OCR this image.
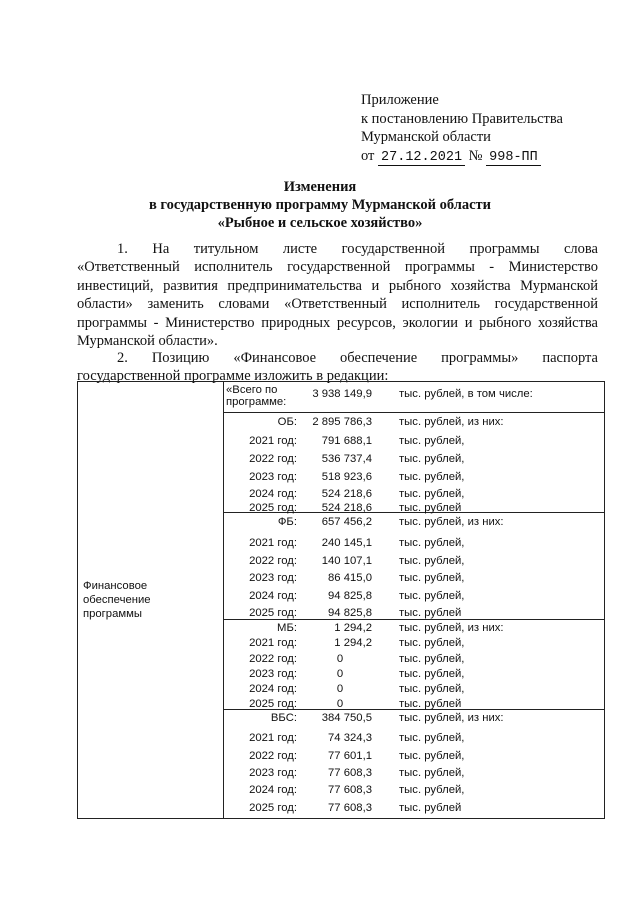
Приложение
к постановлению Правительства
Мурманской области
от 27.12.2021 № 998-ПП
Изменения
в государственную программу Мурманской области
«Рыбное и сельское хозяйство»
1. На титульном листе государственной программы слова
«Ответственный исполнитель государственной программы - Министерство инвестиций, развития предпринимательства и рыбного хозяйства Мурманской области» заменить словами «Ответственный исполнитель государственной программы - Министерство природных ресурсов, экологии и рыбного хозяйства Мурманской области».
2. Позицию «Финансовое обеспечение программы» паспорта
государственной программе изложить в редакции:
Финансовое
обеспечение
программы

«Всего по
программе:
3 938 149,9 тыс. рублей, в том числе:

ОБ:	2 895 786,3 тыс. рублей, из них:
2021 год:	791 688,1 тыс. рублей,
2022 год:	536 737,4 тыс. рублей,
2023 год:	518 923,6 тыс. рублей,
2024 год:	524 218,6 тыс. рублей,
2025 год:	524 218,6 тыс. рублей

ФБ:	657 456,2 тыс. рублей, из них:
2021 год:	240 145,1 тыс. рублей,
2022 год:	140 107,1 тыс. рублей,
2023 год:	86 415,0 тыс. рублей,
2024 год:	94 825,8 тыс. рублей,
2025 год:	94 825,8 тыс. рублей

МБ:	1 294,2 тыс. рублей, из них:
2021 год:	1 294,2 тыс. рублей,
2022 год:	0	тыс. рублей,
2023 год:	0	тыс. рублей,
2024 год:	0	тыс. рублей,
2025 год:	0	тыс. рублей

ВБС:	384 750,5 тыс. рублей, из них:
2021 год:	74 324,3 тыс. рублей,
2022 год:	77 601,1 тыс. рублей,
2023 год:	77 608,3 тыс. рублей,
2024 год:	77 608,3 тыс. рублей,
2025 год:	77 608,3 тыс. рублей
